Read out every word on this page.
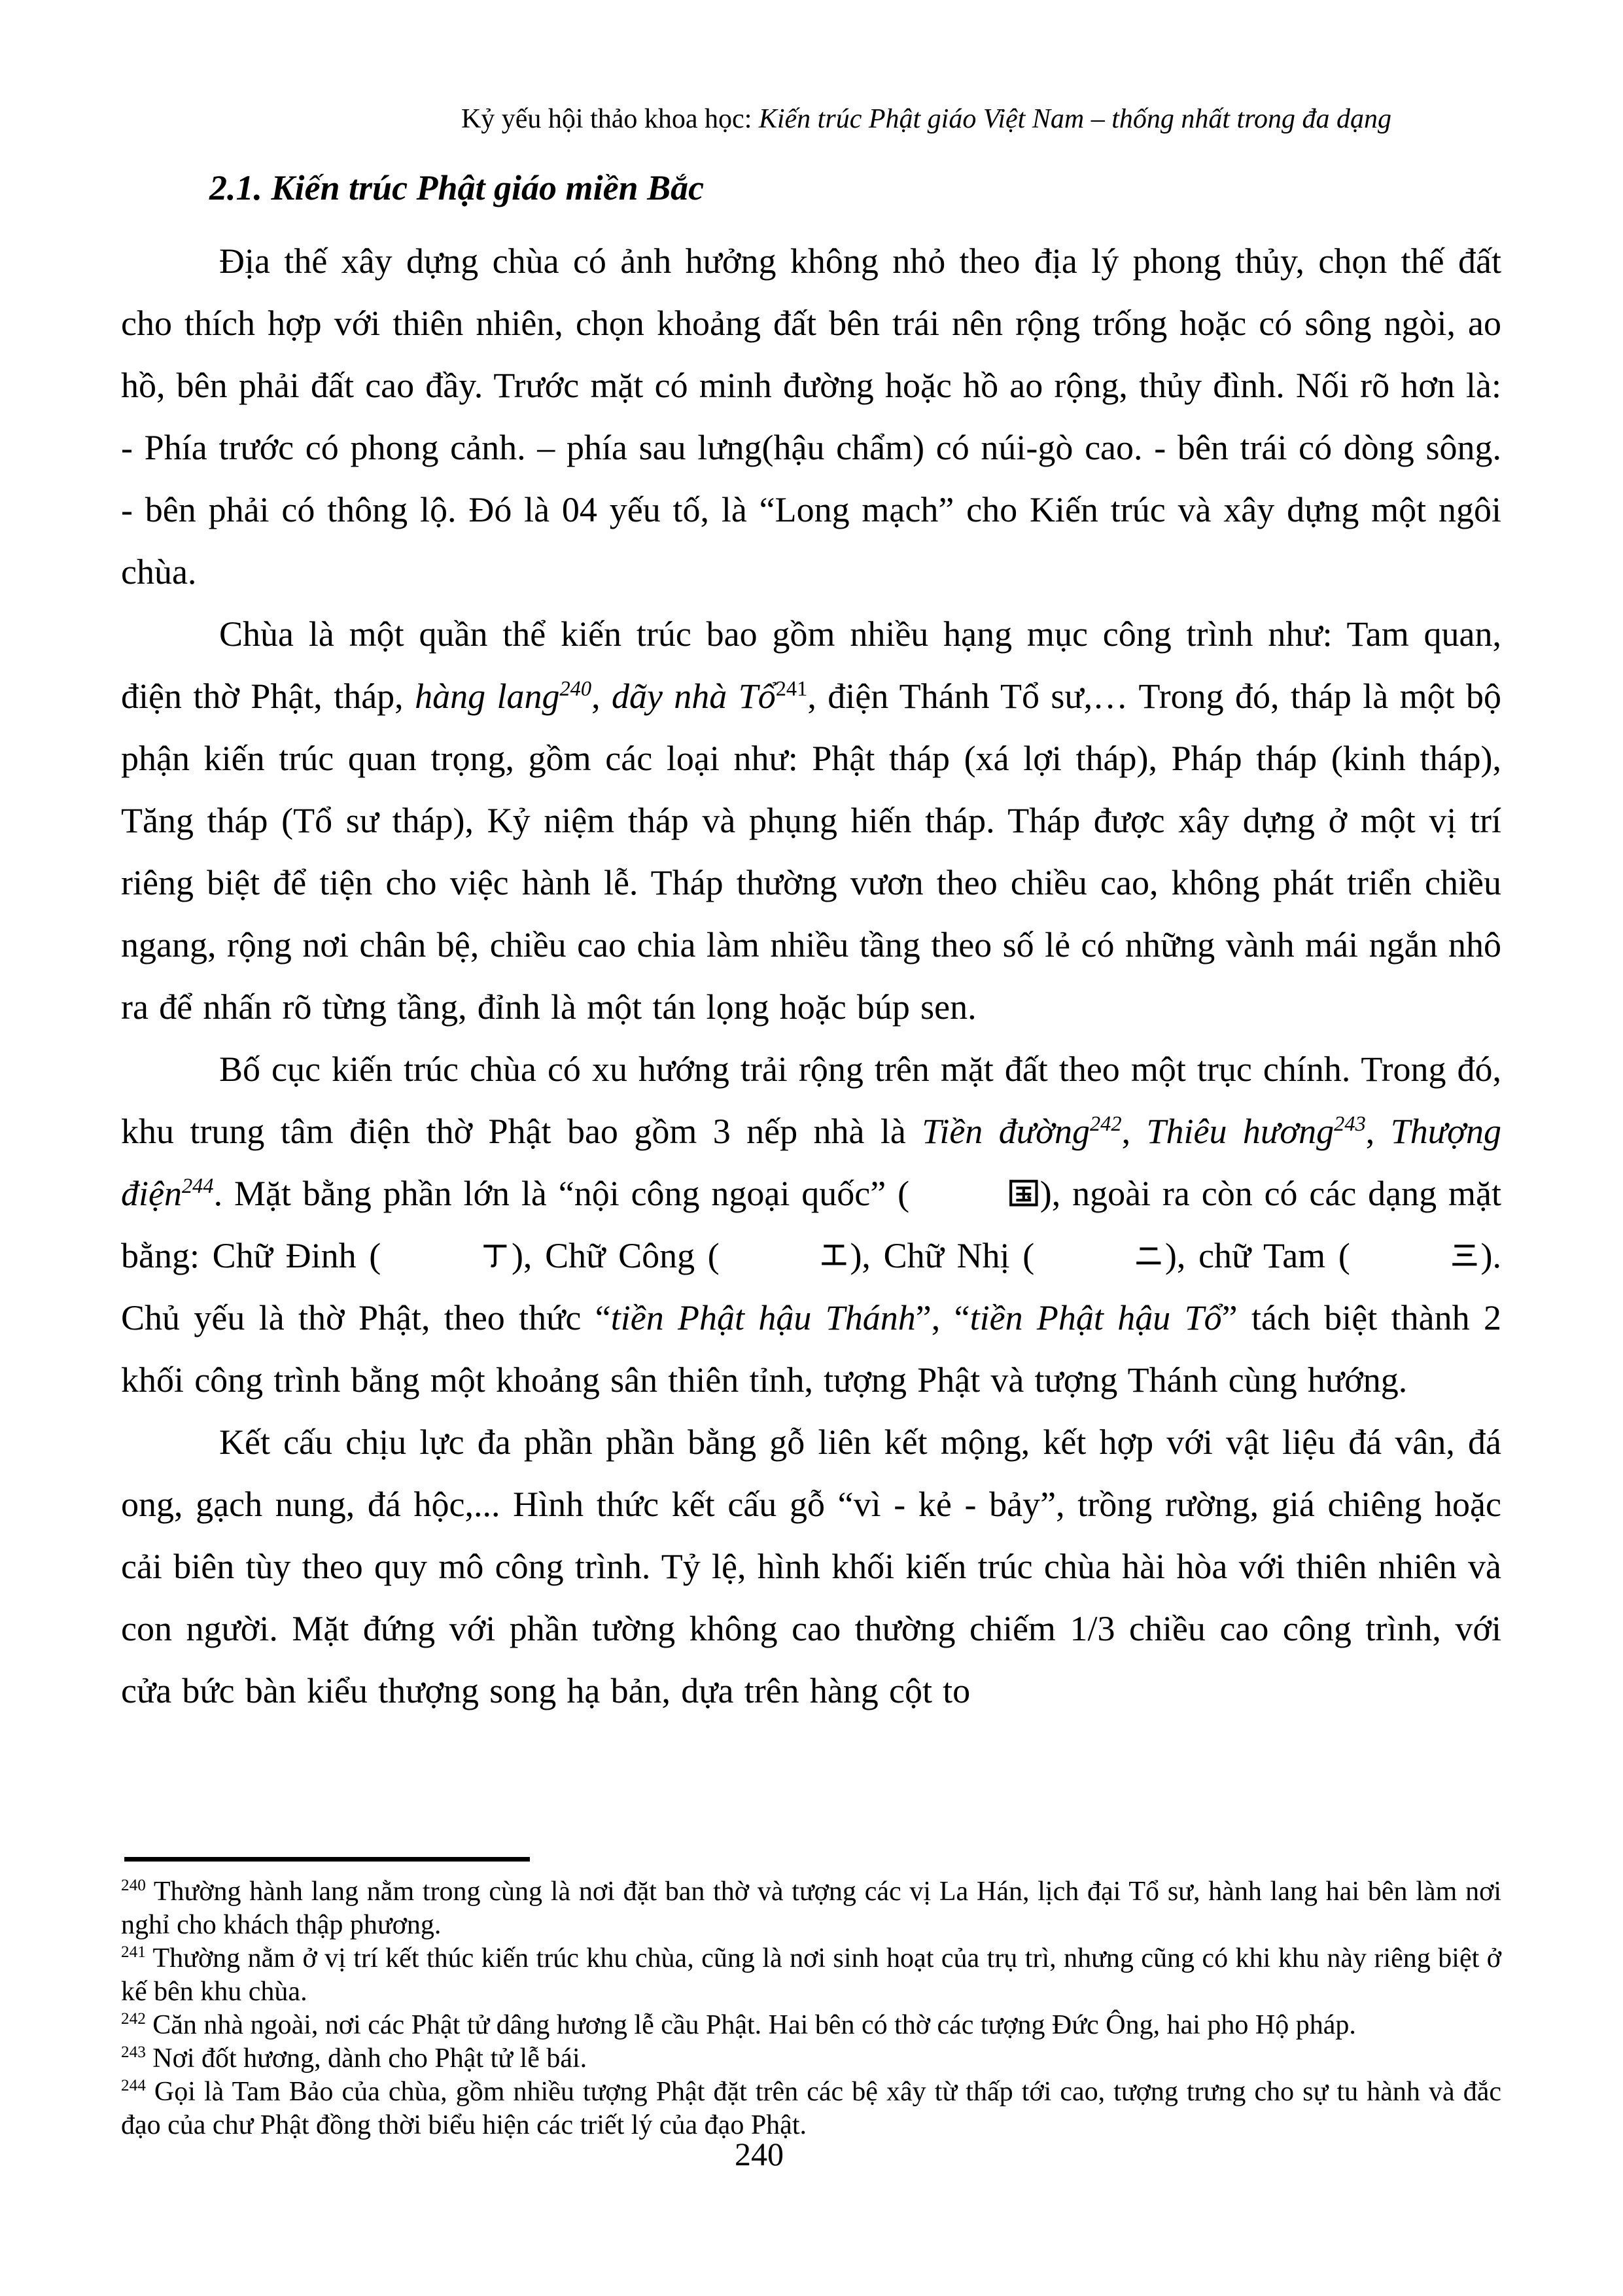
Kỷ yếu hội thảo khoa học: Kiến trúc Phật giáo Việt Nam – thống nhất trong đa dạng
2.1. Kiến trúc Phật giáo miền Bắc

Địa thế xây dựng chùa có ảnh hưởng không nhỏ theo địa lý phong thủy, chọn thế đất cho thích hợp với thiên nhiên, chọn khoảng đất bên trái nên rộng trống hoặc có sông ngòi, ao hồ, bên phải đất cao đầy. Trước mặt có minh đường hoặc hồ ao rộng, thủy đình. Nối rõ hơn là: - Phía trước có phong cảnh. – phía sau lưng(hậu chẩm) có núi-gò cao. - bên trái có dòng sông. - bên phải có thông lộ. Đó là 04 yếu tố, là “Long mạch” cho Kiến trúc và xây dựng một ngôi chùa.

Chùa là một quần thể kiến trúc bao gồm nhiều hạng mục công trình như: Tam quan, điện thờ Phật, tháp, hàng lang$^{240}$, dãy nhà Tổ$^{241}$, điện Thánh Tổ sư,… Trong đó, tháp là một bộ phận kiến trúc quan trọng, gồm các loại như: Phật tháp (xá lợi tháp), Pháp tháp (kinh tháp), Tăng tháp (Tổ sư tháp), Kỷ niệm tháp và phụng hiến tháp. Tháp được xây dựng ở một vị trí riêng biệt để tiện cho việc hành lễ. Tháp thường vươn theo chiều cao, không phát triển chiều ngang, rộng nơi chân bệ, chiều cao chia làm nhiều tầng theo số lẻ có những vành mái ngắn nhô ra để nhấn rõ từng tầng, đỉnh là một tán lọng hoặc búp sen.

Bố cục kiến trúc chùa có xu hướng trải rộng trên mặt đất theo một trục chính. Trong đó, khu trung tâm điện thờ Phật bao gồm 3 nếp nhà là Tiền đường$^{242}$, Thiêu hương$^{243}$, Thượng điện$^{244}$. Mặt bằng phần lớn là “nội công ngoại quốc” (	), ngoài ra còn có các dạng mặt bằng: Chữ Đinh (	), Chữ Công (	), Chữ Nhị (	), chữ Tam (	). Chủ yếu là thờ Phật, theo thức “tiền Phật hậu Thánh”, “tiền Phật hậu Tổ” tách biệt thành 2 khối công trình bằng một khoảng sân thiên tỉnh, tượng Phật và tượng Thánh cùng hướng.

Kết cấu chịu lực đa phần phần bằng gỗ liên kết mộng, kết hợp với vật liệu đá vân, đá ong, gạch nung, đá hộc,... Hình thức kết cấu gỗ “vì - kẻ - bảy”, trồng rường, giá chiêng hoặc cải biên tùy theo quy mô công trình. Tỷ lệ, hình khối kiến trúc chùa hài hòa với thiên nhiên và con người. Mặt đứng với phần tường không cao thường chiếm 1/3 chiều cao công trình, với cửa bức bàn kiểu thượng song hạ bản, dựa trên hàng cột to

$^{240}$ Thường hành lang nằm trong cùng là nơi đặt ban thờ và tượng các vị La Hán, lịch đại Tổ sư, hành lang hai bên làm nơi nghỉ cho khách thập phương.
$^{241}$ Thường nằm ở vị trí kết thúc kiến trúc khu chùa, cũng là nơi sinh hoạt của trụ trì, nhưng cũng có khi khu này riêng biệt ở kế bên khu chùa.
$^{242}$ Căn nhà ngoài, nơi các Phật tử dâng hương lễ cầu Phật. Hai bên có thờ các tượng Đức Ông, hai pho Hộ pháp.
$^{243}$ Nơi đốt hương, dành cho Phật tử lễ bái.
$^{244}$ Gọi là Tam Bảo của chùa, gồm nhiều tượng Phật đặt trên các bệ xây từ thấp tới cao, tượng trưng cho sự tu hành và đắc đạo của chư Phật đồng thời biểu hiện các triết lý của đạo Phật.
240
